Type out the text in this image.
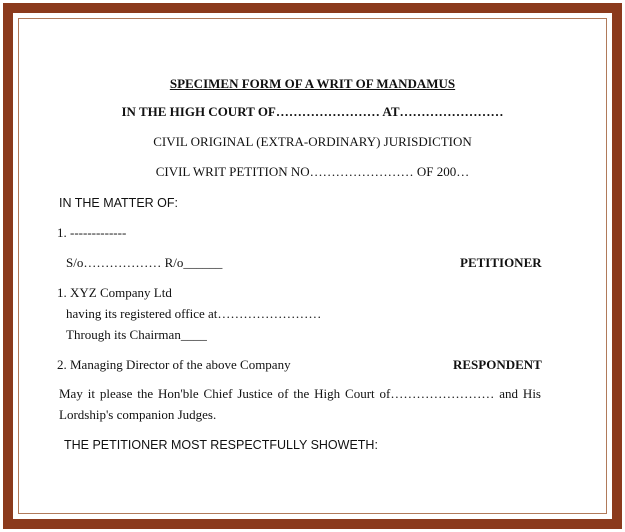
SPECIMEN FORM OF A WRIT OF MANDAMUS
IN THE HIGH COURT OF…………………… AT……………………
CIVIL ORIGINAL (EXTRA-ORDINARY) JURISDICTION
CIVIL WRIT PETITION NO…………………… OF 200…
IN THE MATTER OF:
1. -------------
S/o……………… R/o______	PETITIONER
1. XYZ Company Ltd
having its registered office at……………………
Through its Chairman____
2. Managing Director of the above Company	RESPONDENT
May it please the Hon'ble Chief Justice of the High Court of…………………… and His
Lordship's companion Judges.
THE PETITIONER MOST RESPECTFULLY SHOWETH:
